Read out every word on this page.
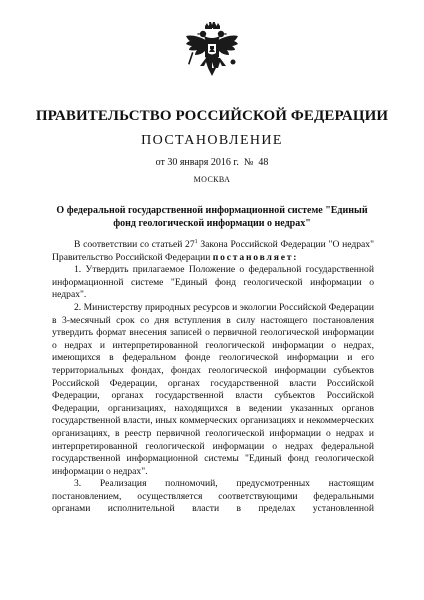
ПРАВИТЕЛЬСТВО РОССИЙСКОЙ ФЕДЕРАЦИИ
ПОСТАНОВЛЕНИЕ
от 30 января 2016 г.  №  48
МОСКВА
О федеральной государственной информационной системе "Единый фонд геологической информации о недрах"

В соответствии со статьей $27^1$ Закона Российской Федерации "О недрах" Правительство Российской Федерации постановляет:

1. Утвердить прилагаемое Положение о федеральной государственной информационной системе "Единый фонд геологической информации о недрах".

2. Министерству природных ресурсов и экологии Российской Федерации в 3-месячный срок со дня вступления в силу настоящего постановления утвердить формат внесения записей о первичной геологической информации о недрах и интерпретированной геологической информации о недрах, имеющихся в федеральном фонде геологической информации и его территориальных фондах, фондах геологической информации субъектов Российской Федерации, органах государственной власти Российской Федерации, органах государственной власти субъектов Российской Федерации, организациях, находящихся в ведении указанных органов государственной власти, иных коммерческих организациях и некоммерческих организациях, в реестр первичной геологической информации о недрах и интерпретированной геологической информации о недрах федеральной государственной информационной системы "Единый фонд геологической информации о недрах".

3. Реализация полномочий, предусмотренных настоящим постановлением, осуществляется соответствующими федеральными органами исполнительной власти в пределах установленной
